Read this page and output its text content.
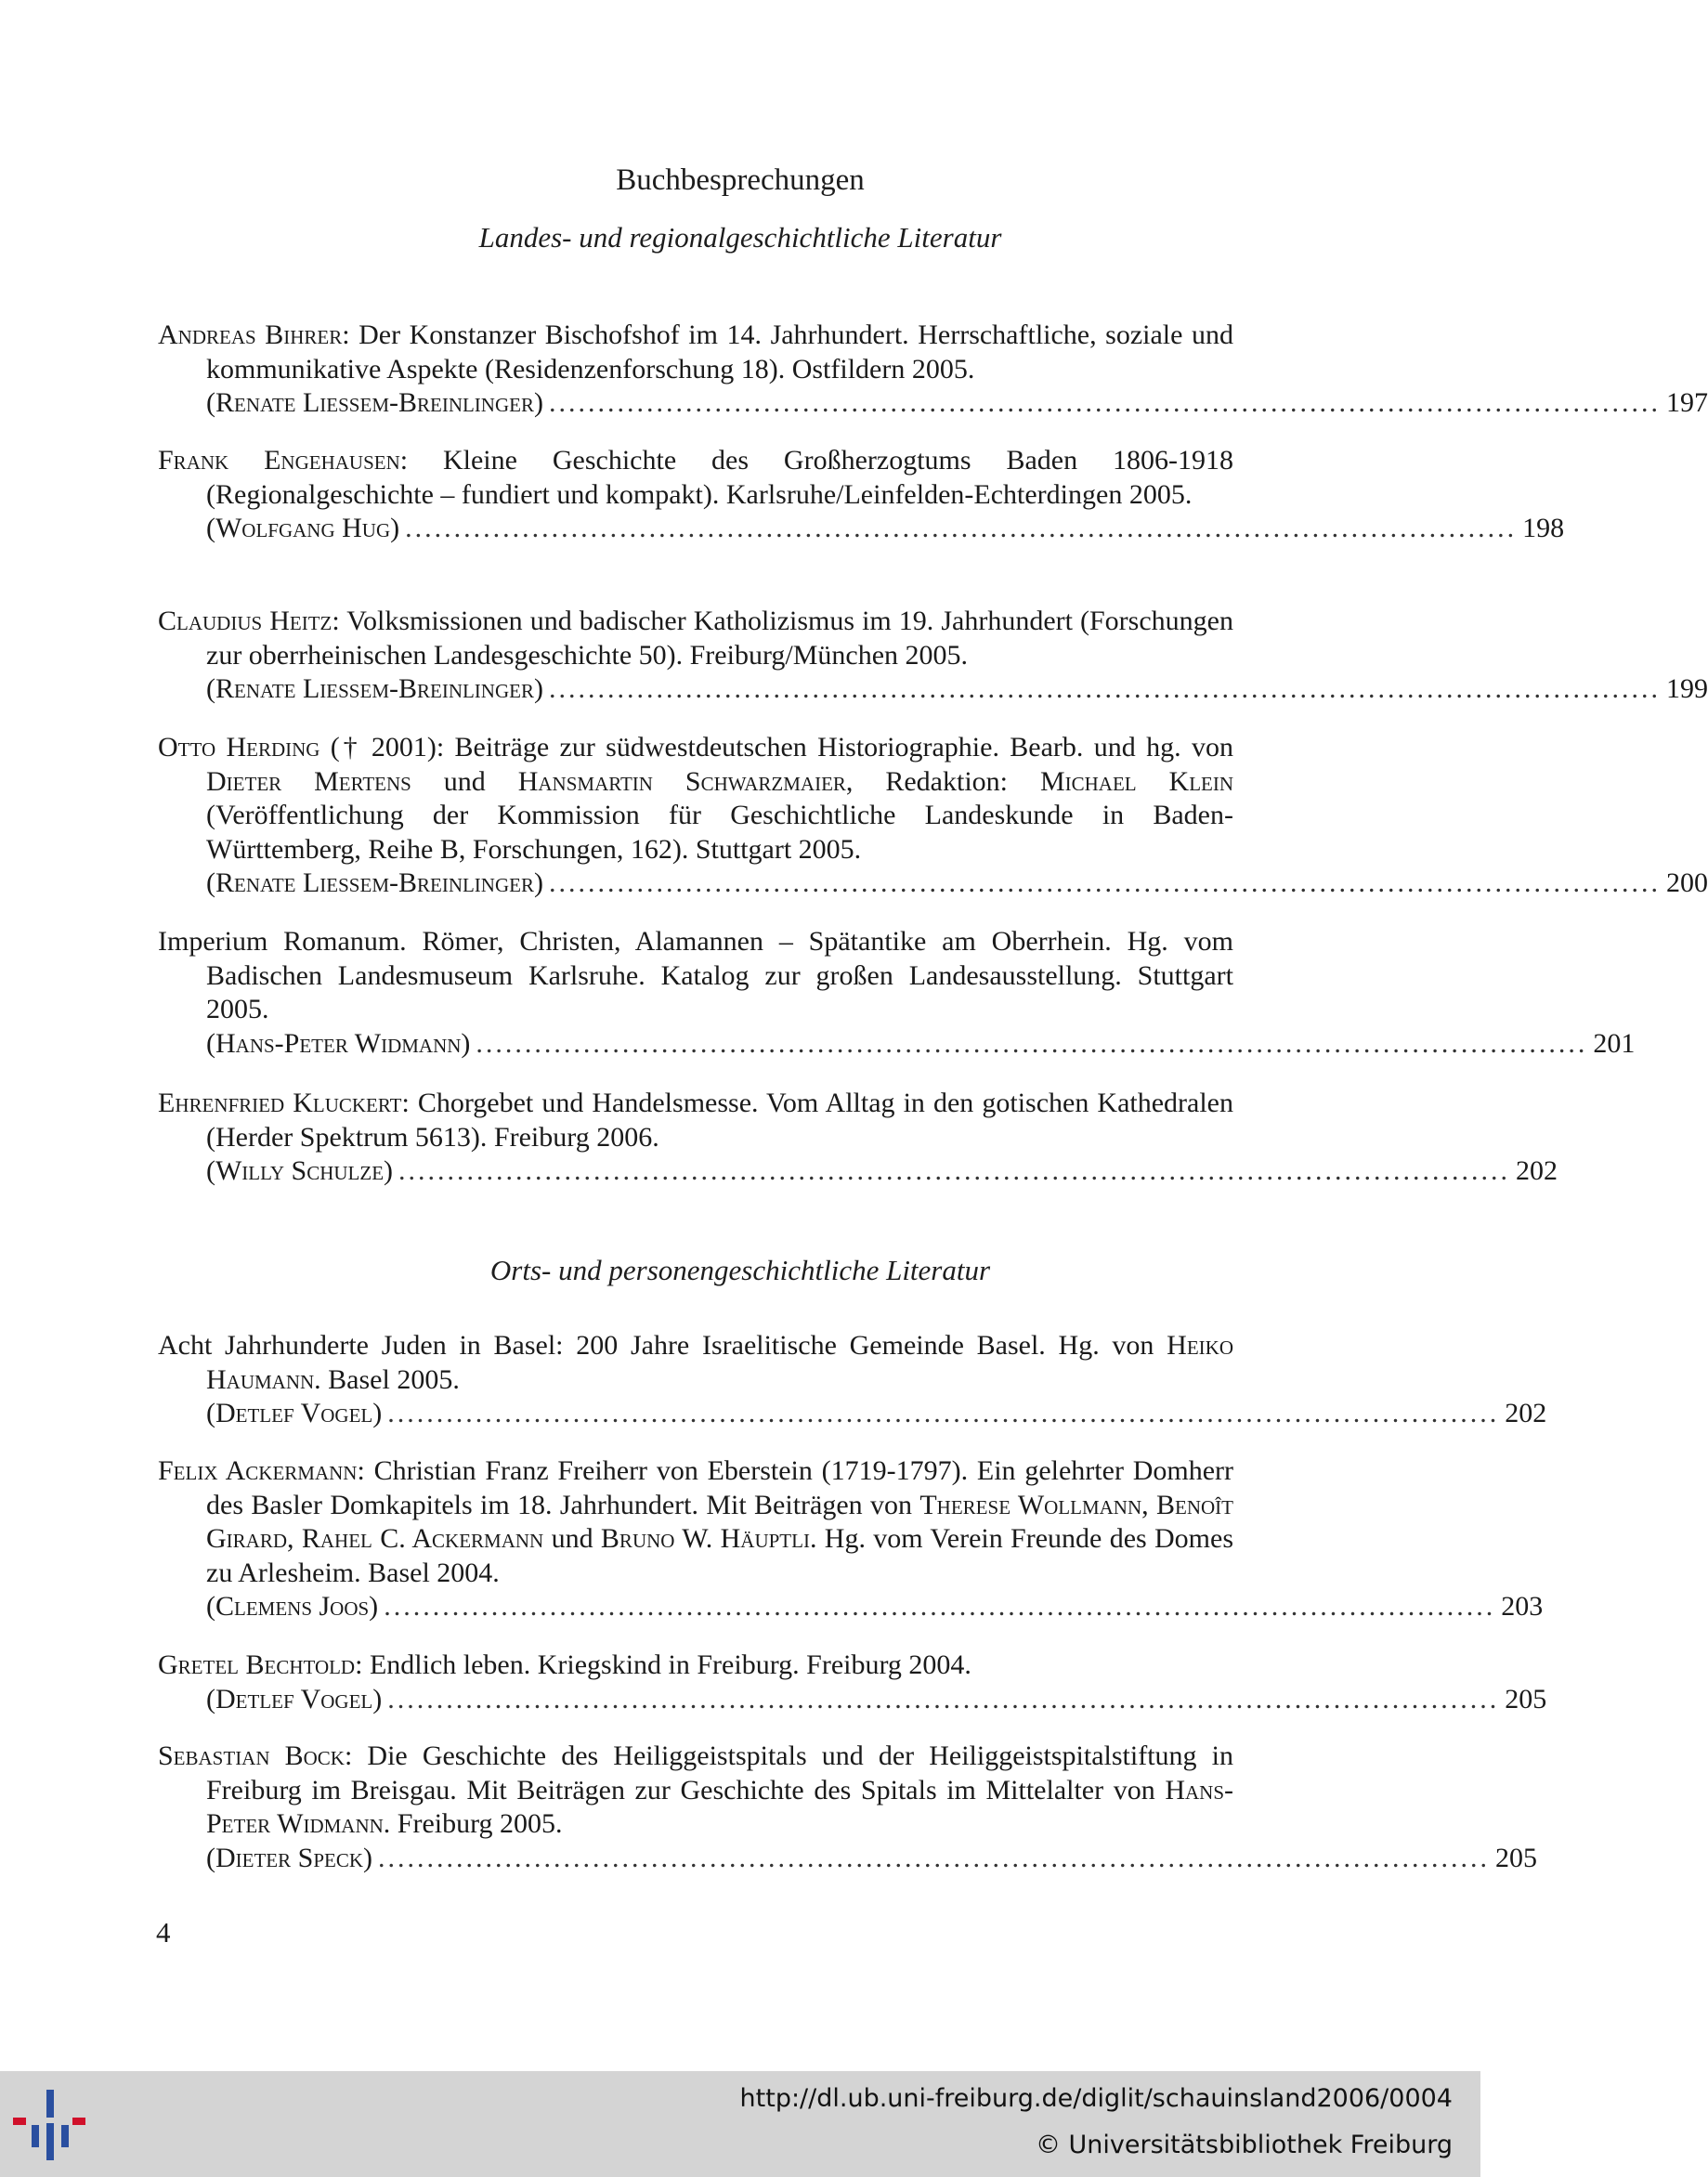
Buchbesprechungen
Landes- und regionalgeschichtliche Literatur
Andreas Bihrer: Der Konstanzer Bischofshof im 14. Jahrhundert. Herrschaftliche, soziale und kommunikative Aspekte (Residenzenforschung 18). Ostfildern 2005.
(Renate Liessem-Breinlinger) .................................................................................................................. 197
Frank Engehausen: Kleine Geschichte des Großherzogtums Baden 1806-1918 (Regionalgeschichte – fundiert und kompakt). Karlsruhe/Leinfelden-Echterdingen 2005.
(Wolfgang Hug) .................................................................................................................. 198
Claudius Heitz: Volksmissionen und badischer Katholizismus im 19. Jahrhundert (Forschungen zur oberrheinischen Landesgeschichte 50). Freiburg/München 2005.
(Renate Liessem-Breinlinger) .................................................................................................................. 199
Otto Herding († 2001): Beiträge zur südwestdeutschen Historiographie. Bearb. und hg. von Dieter Mertens und Hansmartin Schwarzmaier, Redaktion: Michael Klein (Veröffentlichung der Kommission für Geschichtliche Landeskunde in Baden-Württemberg, Reihe B, Forschungen, 162). Stuttgart 2005.
(Renate Liessem-Breinlinger) .................................................................................................................. 200
Imperium Romanum. Römer, Christen, Alamannen – Spätantike am Oberrhein. Hg. vom Badischen Landesmuseum Karlsruhe. Katalog zur großen Landesausstellung. Stuttgart 2005.
(Hans-Peter Widmann) .................................................................................................................. 201
Ehrenfried Kluckert: Chorgebet und Handelsmesse. Vom Alltag in den gotischen Kathedralen (Herder Spektrum 5613). Freiburg 2006.
(Willy Schulze) .................................................................................................................. 202
Orts- und personengeschichtliche Literatur
Acht Jahrhunderte Juden in Basel: 200 Jahre Israelitische Gemeinde Basel. Hg. von Heiko Haumann. Basel 2005.
(Detlef Vogel) .................................................................................................................. 202
Felix Ackermann: Christian Franz Freiherr von Eberstein (1719-1797). Ein gelehrter Domherr des Basler Domkapitels im 18. Jahrhundert. Mit Beiträgen von Therese Wollmann, Benoît Girard, Rahel C. Ackermann und Bruno W. Häuptli. Hg. vom Verein Freunde des Domes zu Arlesheim. Basel 2004.
(Clemens Joos) .................................................................................................................. 203
Gretel Bechtold: Endlich leben. Kriegskind in Freiburg. Freiburg 2004.
(Detlef Vogel) .................................................................................................................. 205
Sebastian Bock: Die Geschichte des Heiliggeistspitals und der Heiliggeistspitalstiftung in Freiburg im Breisgau. Mit Beiträgen zur Geschichte des Spitals im Mittelalter von Hans-Peter Widmann. Freiburg 2005.
(Dieter Speck) .................................................................................................................. 205
4
http://dl.ub.uni-freiburg.de/diglit/schauinsland2006/0004
© Universitätsbibliothek Freiburg
